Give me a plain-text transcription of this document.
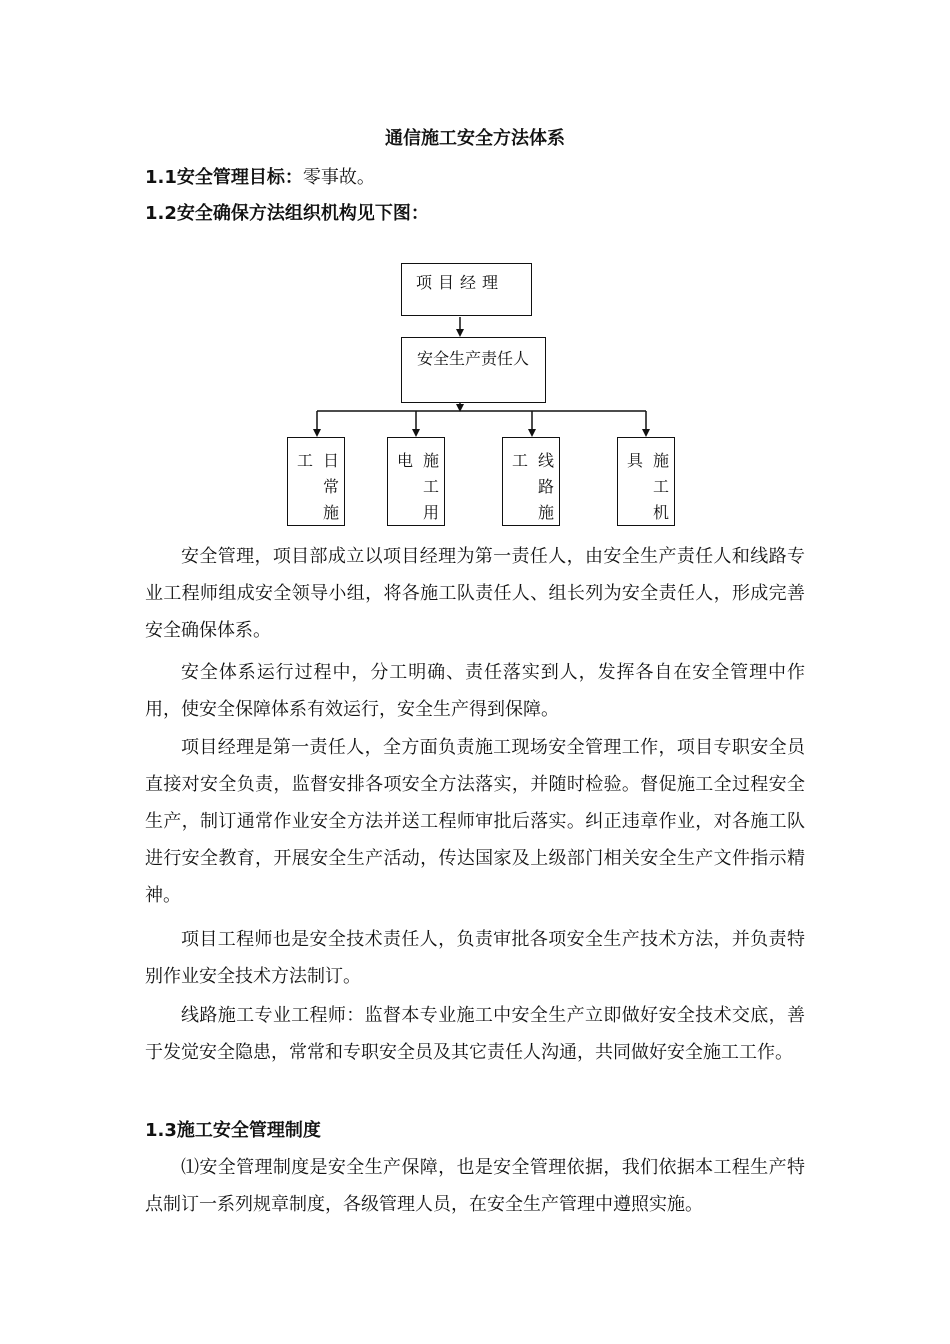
通信施工安全方法体系
1.1安全管理目标：零事故。
1.2安全确保方法组织机构见下图：
项目经理
安全生产责任人
工 日
常
施
电 施
工
用
工 线
路
施
具 施
工
机

安全管理，项目部成立以项目经理为第一责任人，由安全生产责任人和线路专业工程师组成安全领导小组，将各施工队责任人、组长列为安全责任人，形成完善安全确保体系。

安全体系运行过程中，分工明确、责任落实到人，发挥各自在安全管理中作用，使安全保障体系有效运行，安全生产得到保障。

项目经理是第一责任人，全方面负责施工现场安全管理工作，项目专职安全员直接对安全负责，监督安排各项安全方法落实，并随时检验。督促施工全过程安全生产，制订通常作业安全方法并送工程师审批后落实。纠正违章作业，对各施工队进行安全教育，开展安全生产活动，传达国家及上级部门相关安全生产文件指示精神。

项目工程师也是安全技术责任人，负责审批各项安全生产技术方法，并负责特别作业安全技术方法制订。

线路施工专业工程师：监督本专业施工中安全生产立即做好安全技术交底，善于发觉安全隐患，常常和专职安全员及其它责任人沟通，共同做好安全施工工作。

1.3施工安全管理制度

⑴安全管理制度是安全生产保障，也是安全管理依据，我们依据本工程生产特点制订一系列规章制度，各级管理人员，在安全生产管理中遵照实施。
